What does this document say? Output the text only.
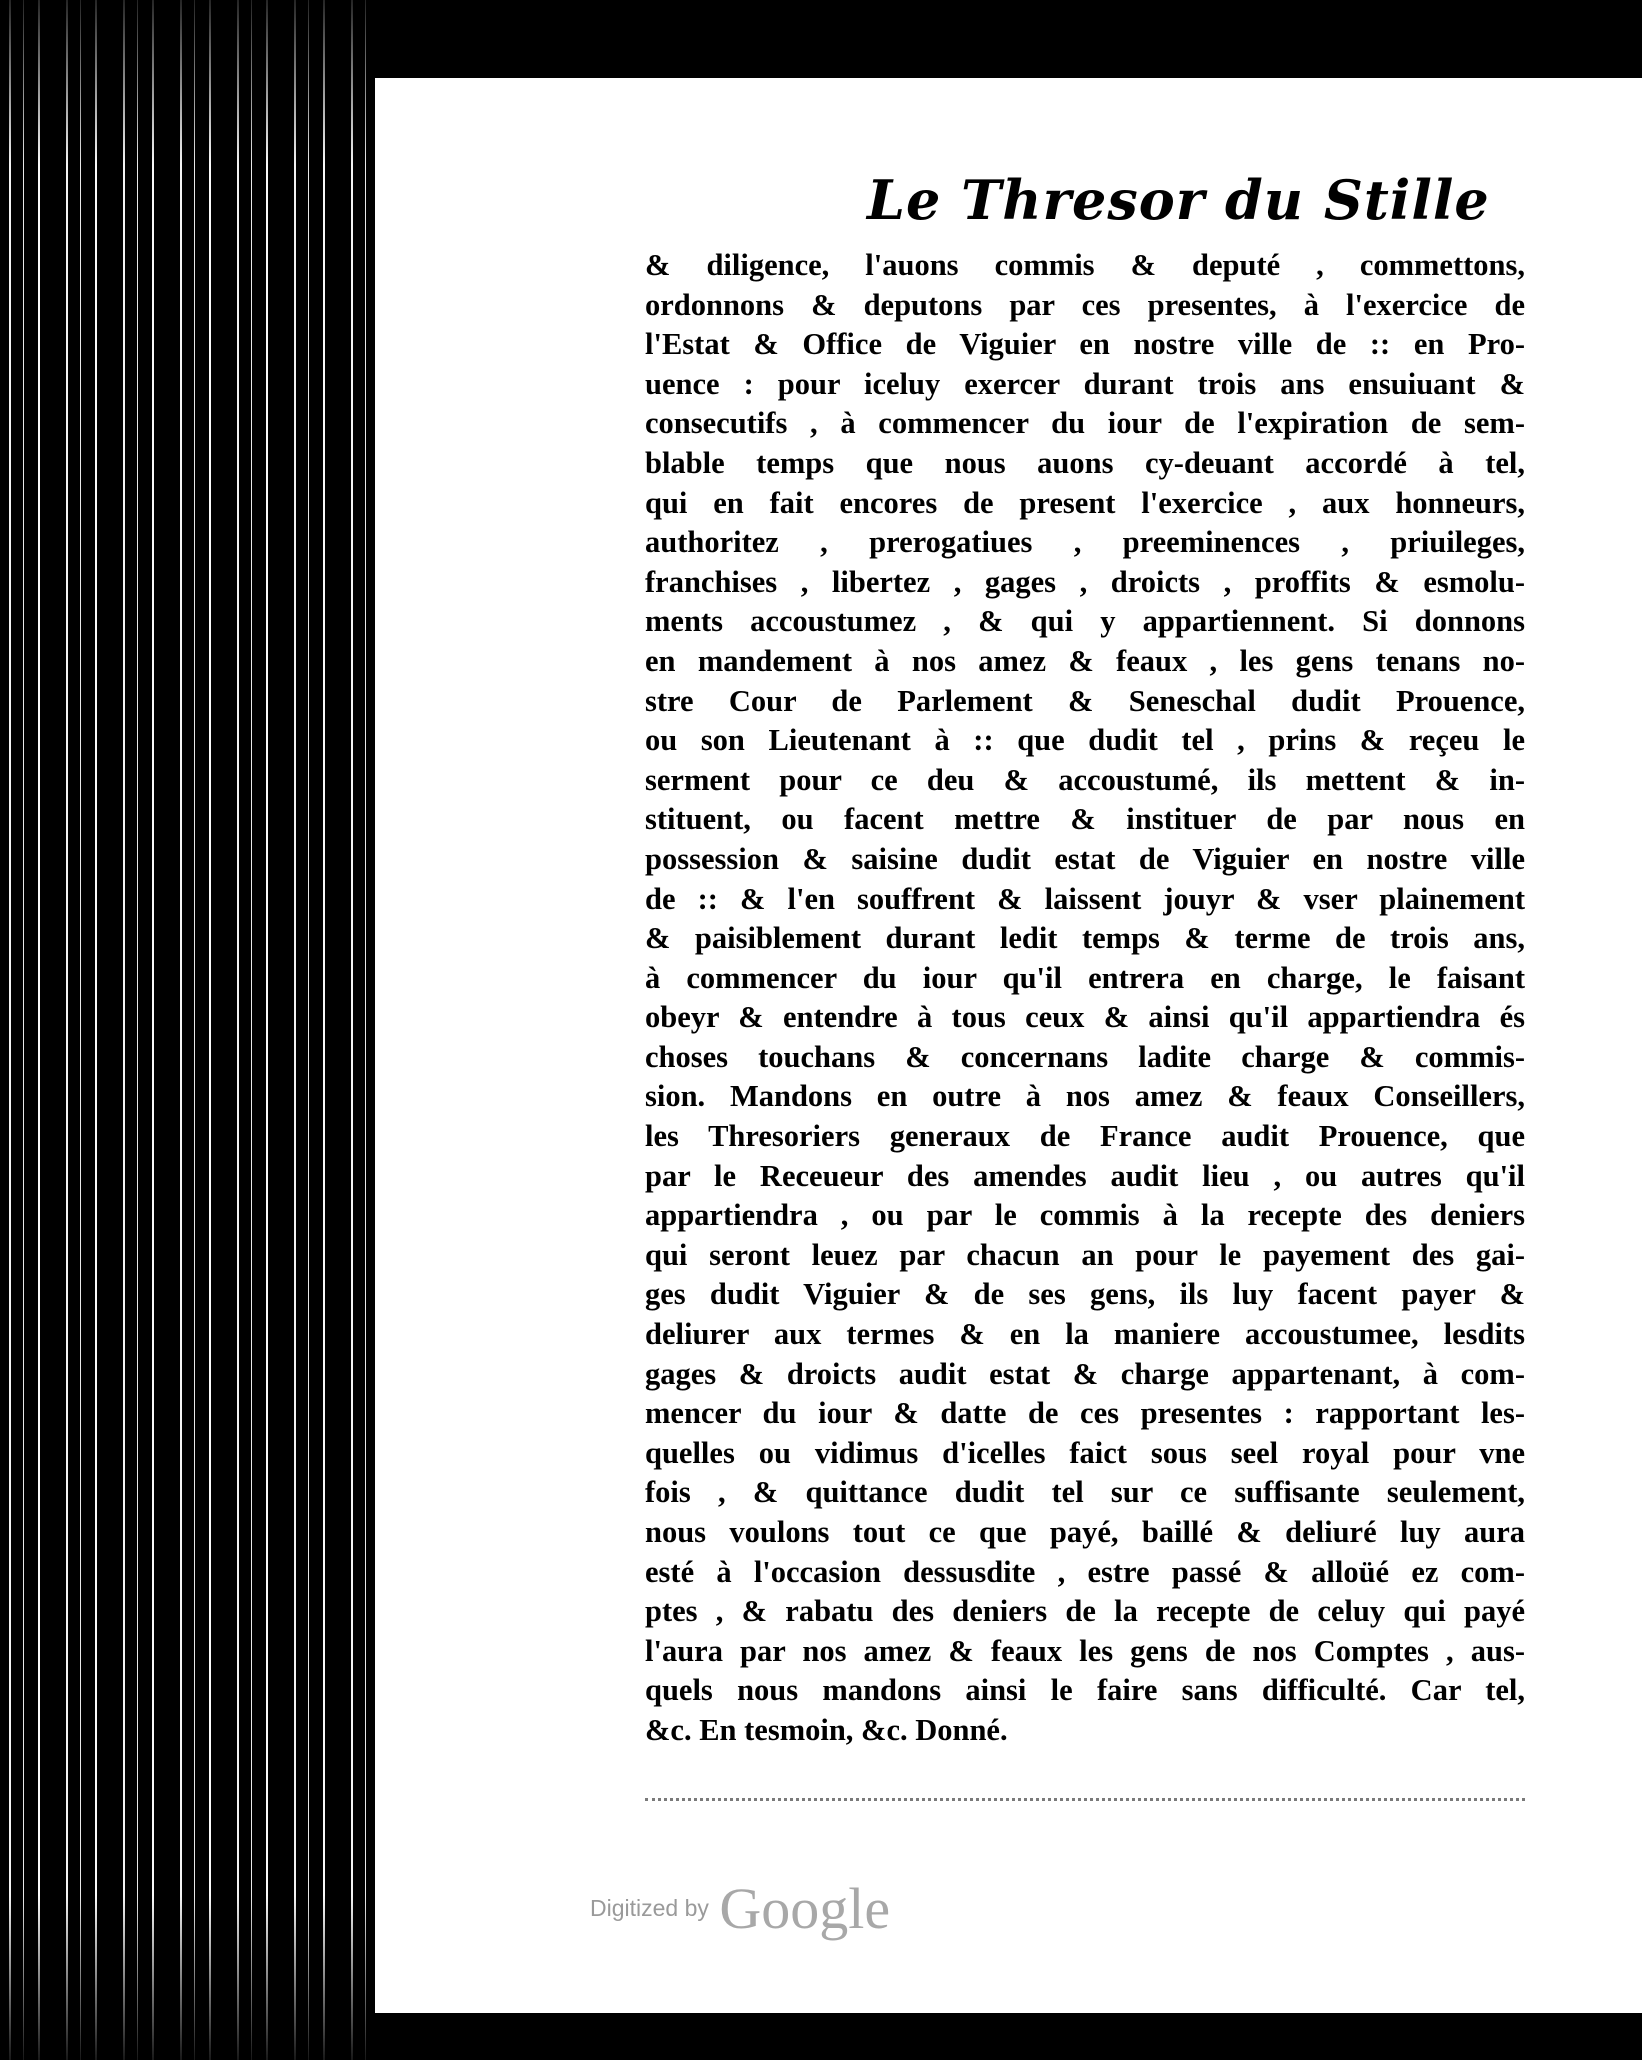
Le Thresor du Stille
& diligence, l'auons commis & deputé , commettons,
ordonnons & deputons par ces presentes, à l'exercice de
l'Estat & Office de Viguier en nostre ville de :: en Pro-
uence : pour iceluy exercer durant trois ans ensuiuant &
consecutifs , à commencer du iour de l'expiration de sem-
blable temps que nous auons cy-deuant accordé à tel,
qui en fait encores de present l'exercice , aux honneurs,
authoritez , prerogatiues , preeminences , priuileges,
franchises , libertez , gages , droicts , proffits & esmolu-
ments accoustumez , & qui y appartiennent. Si donnons
en mandement à nos amez & feaux , les gens tenans no-
stre Cour de Parlement & Seneschal dudit Prouence,
ou son Lieutenant à :: que dudit tel , prins & reçeu le
serment pour ce deu & accoustumé, ils mettent & in-
stituent, ou facent mettre & instituer de par nous en
possession & saisine dudit estat de Viguier en nostre ville
de :: & l'en souffrent & laissent jouyr & vser plainement
& paisiblement durant ledit temps & terme de trois ans,
à commencer du iour qu'il entrera en charge, le faisant
obeyr & entendre à tous ceux & ainsi qu'il appartiendra és
choses touchans & concernans ladite charge & commis-
sion. Mandons en outre à nos amez & feaux Conseillers,
les Thresoriers generaux de France audit Prouence, que
par le Receueur des amendes audit lieu , ou autres qu'il
appartiendra , ou par le commis à la recepte des deniers
qui seront leuez par chacun an pour le payement des gai-
ges dudit Viguier & de ses gens, ils luy facent payer &
deliurer aux termes & en la maniere accoustumee, lesdits
gages & droicts audit estat & charge appartenant, à com-
mencer du iour & datte de ces presentes : rapportant les-
quelles ou vidimus d'icelles faict sous seel royal pour vne
fois , & quittance dudit tel sur ce suffisante seulement,
nous voulons tout ce que payé, baillé & deliuré luy aura
esté à l'occasion dessusdite , estre passé & alloüé ez com-
ptes , & rabatu des deniers de la recepte de celuy qui payé
l'aura par nos amez & feaux les gens de nos Comptes , aus-
quels nous mandons ainsi le faire sans difficulté. Car tel,
&c. En tesmoin, &c. Donné.
Digitized by Google
